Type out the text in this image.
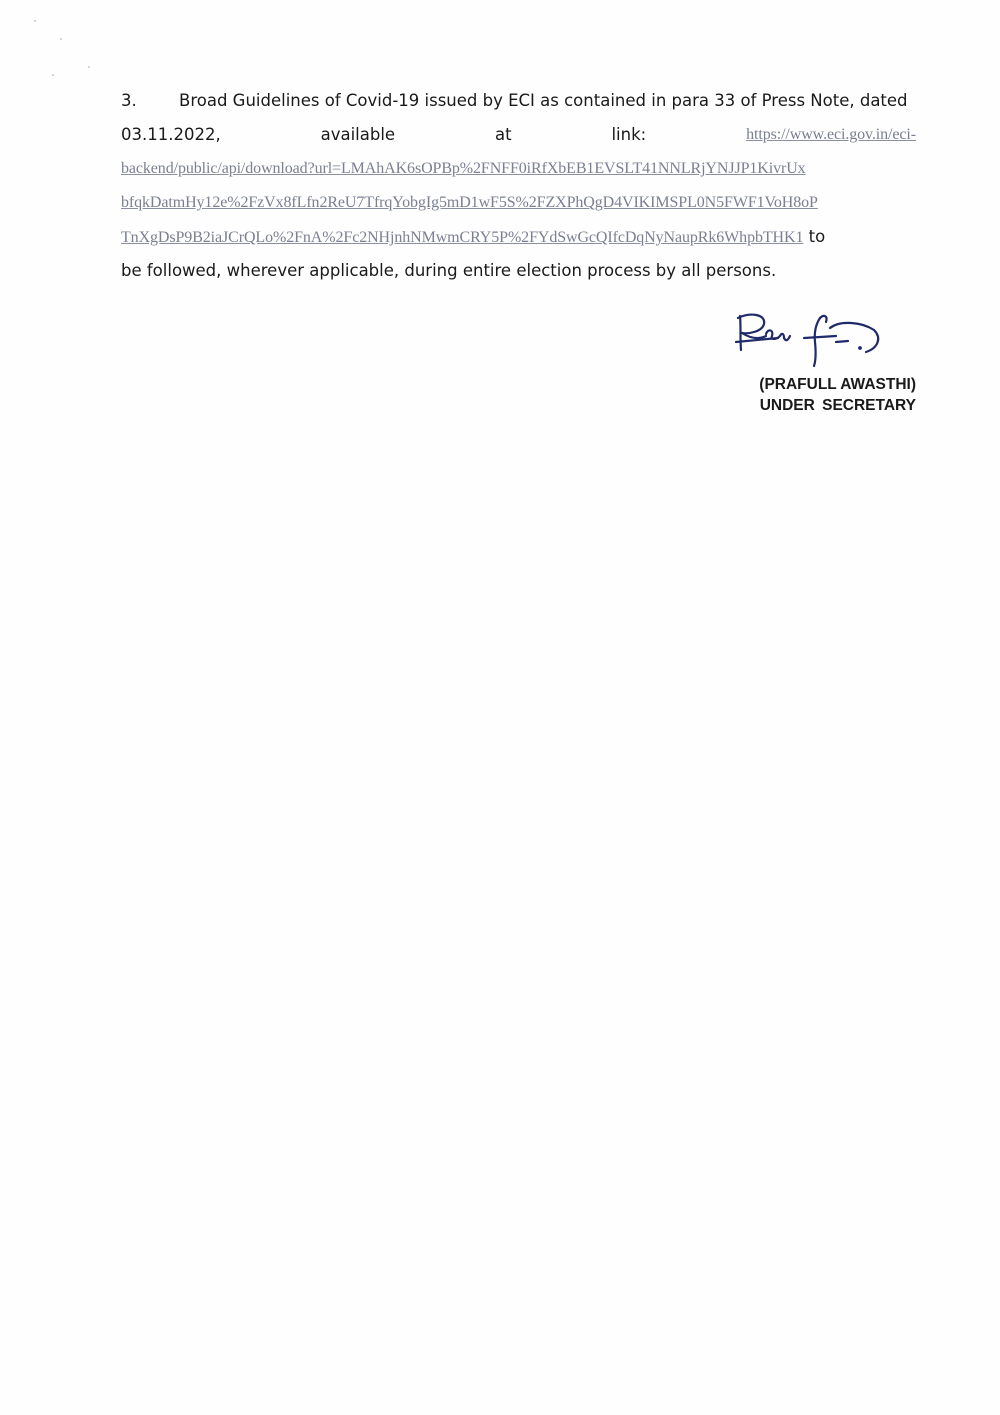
3.	Broad Guidelines of Covid-19 issued by ECI as contained in para 33 of Press Note, dated
03.11.2022,	available	at	link:	https://www.eci.gov.in/eci-
backend/public/api/download?url=LMAhAK6sOPBp%2FNFF0iRfXbEB1EVSLT41NNLRjYNJJP1KivrUx
bfqkDatmHy12e%2FzVx8fLfn2ReU7TfrqYobgIg5mD1wF5S%2FZXPhQgD4VIKIMSPL0N5FWF1VoH8oP
TnXgDsP9B2iaJCrQLo%2FnA%2Fc2NHjnhNMwmCRY5P%2FYdSwGcQIfcDqNyNaupRk6WhpbTHK1 to
be followed, wherever applicable, during entire election process by all persons.
(PRAFULL AWASTHI)
UNDER SECRETARY
